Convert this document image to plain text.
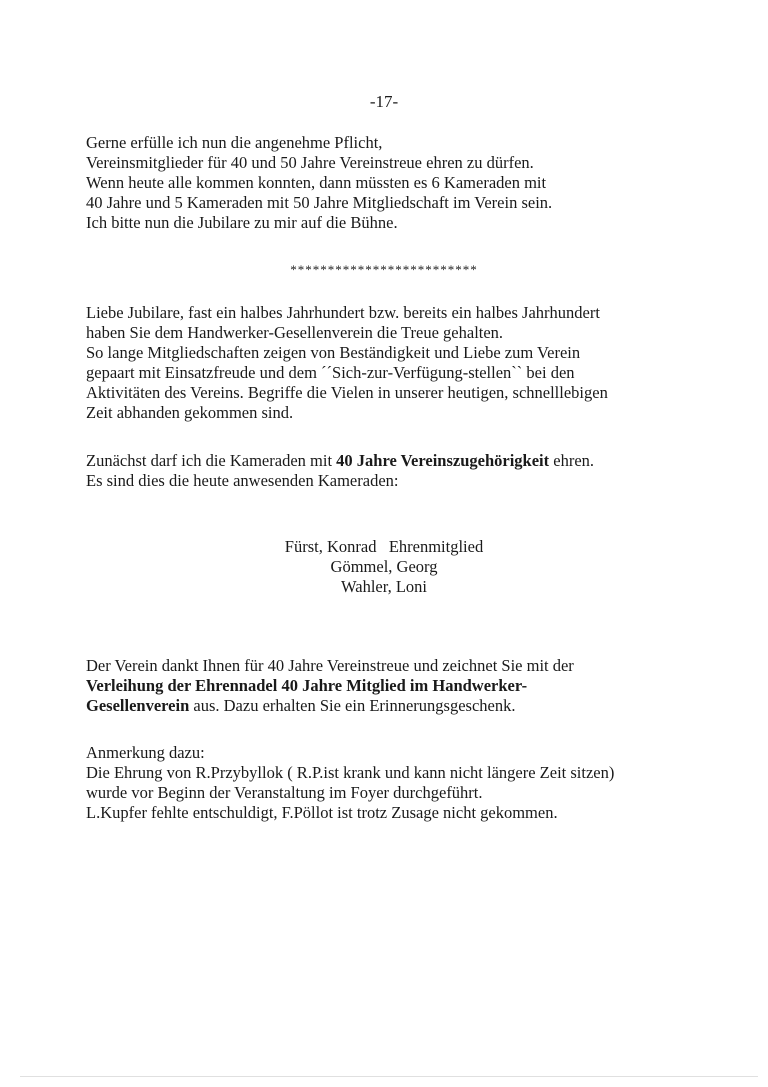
-17-

Gerne erfülle ich nun die angenehme Pflicht,

Vereinsmitglieder für 40 und 50 Jahre Vereinstreue ehren zu dürfen.

Wenn heute alle kommen konnten, dann müssten es 6 Kameraden mit

40 Jahre und 5 Kameraden mit 50 Jahre Mitgliedschaft im Verein sein.

Ich bitte nun die Jubilare zu mir auf die Bühne.

*************************

Liebe Jubilare, fast ein halbes Jahrhundert bzw. bereits ein halbes Jahrhundert

haben Sie dem Handwerker-Gesellenverein die Treue gehalten.

So lange Mitgliedschaften zeigen von Beständigkeit und Liebe zum Verein

gepaart mit Einsatzfreude und dem ´´Sich-zur-Verfügung-stellen`` bei den

Aktivitäten des Vereins. Begriffe die Vielen in unserer heutigen, schnelllebigen

Zeit abhanden gekommen sind.

Zunächst darf ich die Kameraden mit 40 Jahre Vereinszugehörigkeit ehren.

Es sind dies die heute anwesenden Kameraden:

Fürst, Konrad   Ehrenmitglied

Gömmel, Georg

Wahler, Loni

Der Verein dankt Ihnen für 40 Jahre Vereinstreue und zeichnet Sie mit der

Verleihung der Ehrennadel 40 Jahre Mitglied im Handwerker-

Gesellenverein aus. Dazu erhalten Sie ein Erinnerungsgeschenk.

Anmerkung dazu:

Die Ehrung von R.Przybyllok ( R.P.ist krank und kann nicht längere Zeit sitzen)

wurde vor Beginn der Veranstaltung im Foyer durchgeführt.

L.Kupfer fehlte entschuldigt, F.Pöllot ist trotz Zusage nicht gekommen.
